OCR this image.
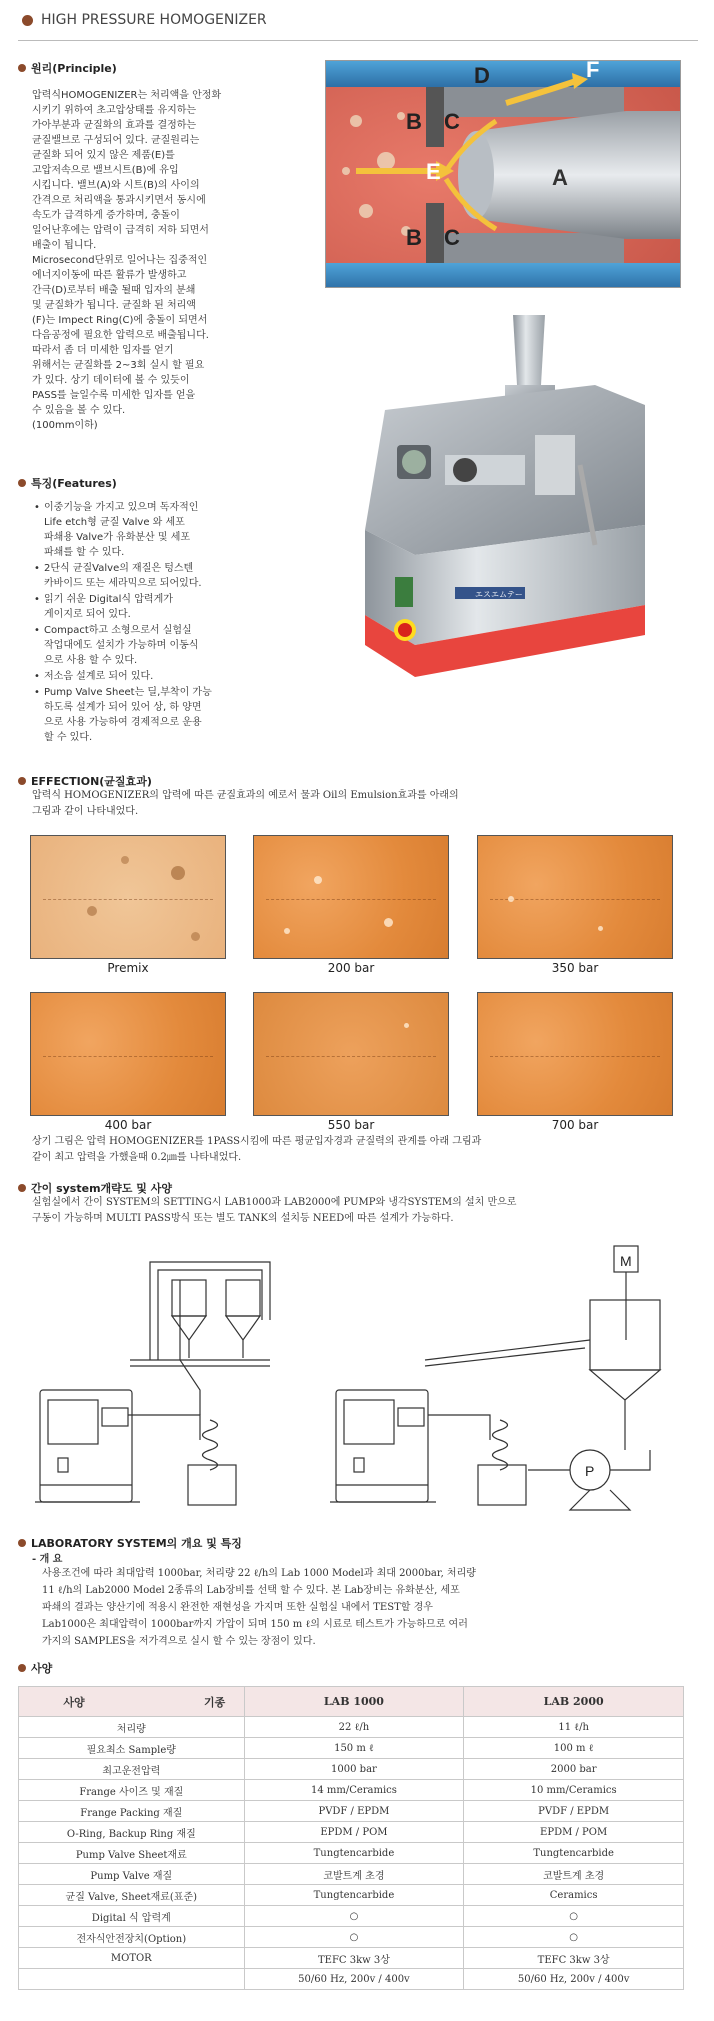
HIGH PRESSURE HOMOGENIZER
원리(Principle)
압력식HOMOGENIZER는 처리액을 안정화
시키기 위하여 초고압상태를 유지하는
가아부분과 균질화의 효과를 결정하는
균질밸브로 구성되어 있다. 균질원리는
균질화 되어 있지 않은 제품(E)를
고압저속으로 밸브시트(B)에 유입
시킵니다. 밸브(A)와 시트(B)의 사이의
간격으로 처리액을 통과시키면서 동시에
속도가 급격하게 증가하며, 충돌이
일어난후에는 압력이 급격히 저하 되면서
배출이 됩니다.
Microsecond단위로 일어나는 집중적인
에너지이동에 따른 활류가 발생하고
간극(D)로부터 배출 될때 입자의 분쇄
및 균질화가 됩니다. 균질화 된 처리액
(F)는 Impect Ring(C)에 충돌이 되면서
다음공정에 필요한 압력으로 배출됩니다.
따라서 좀 더 미세한 입자를 얻기
위해서는 균질화를 2~3회 실시 할 필요
가 있다. 상기 데이터에 볼 수 있듯이
PASS를 늘일수록 미세한 입자를 얻을
수 있음을 볼 수 있다.
(100mm이하)
A
E
F
B
B
C
C
D
エスエムテー
특징(Features)
• 이중기능을 가지고 있으며 독자적인
Life etch형 균질 Valve 와 세포
파쇄용 Valve가 유화분산 및 세포
파쇄를 할 수 있다.
• 2단식 균질Valve의 재질은 텅스텐
카바이드 또는 세라믹으로 되어있다.
• 읽기 쉬운 Digital식 압력게가
게이지로 되어 있다.
• Compact하고 소형으로서 실험실
작업대에도 설치가 가능하며 이동식
으로 사용 할 수 있다.
• 저소음 설계로 되어 있다.
• Pump Valve Sheet는 딜,부착이 가능
하도록 설계가 되어 있어 상, 하 양면
으로 사용 가능하여 경제적으로 운용
할 수 있다.
EFFECTION(균질효과)
압력식 HOMOGENIZER의 압력에 따른 균질효과의 예로서 물과 Oil의 Emulsion효과를 아래의
그림과 같이 나타내었다.
Premix	200 bar	350 bar
400 bar	550 bar	700 bar
상기 그림은 압력 HOMOGENIZER를 1PASS시킴에 따른 평균입자경과 균질력의 관계를 아래 그림과
같이 최고 압력을 가했을때 0.2㎛를 나타내었다.
간이 system개략도 및 사양
실험실에서 간이 SYSTEM의 SETTING시 LAB1000과 LAB2000에 PUMP와 냉각SYSTEM의 설치 만으로
구동이 가능하며 MULTI PASS방식 또는 별도 TANK의 설치등 NEED에 따른 설계가 가능하다.
M
P
LABORATORY SYSTEM의 개요 및 특징
- 개 요
사용조건에 따라 최대압력 1000bar, 처리량 22 ℓ/h의 Lab 1000 Model과 최대 2000bar, 처리량
11 ℓ/h의 Lab2000 Model 2종류의 Lab장비를 선택 할 수 있다. 본 Lab장비는 유화분산, 세포
파쇄의 결과는 양산기에 적용시 완전한 재현성을 가지며 또한 실험실 내에서 TEST할 경우
Lab1000은 최대압력이 1000bar까지 가압이 되며 150 m ℓ의 시료로 테스트가 가능하므로 여러
가지의 SAMPLES을 저가격으로 실시 할 수 있는 장점이 있다.
사양
사양 기종	LAB 1000	LAB 2000
처리량	22 ℓ/h	11 ℓ/h
필요최소 Sample량	150 m ℓ	100 m ℓ
최고운전압력	1000 bar	2000 bar
Frange 사이즈 및 재질	14 mm/Ceramics	10 mm/Ceramics
Frange Packing 재질	PVDF / EPDM	PVDF / EPDM
O-Ring, Backup Ring 재질	EPDM / POM	EPDM / POM
Pump Valve Sheet재료	Tungtencarbide	Tungtencarbide
Pump Valve 재질	코발트계 초경	코발트계 초경
균질 Valve, Sheet재료(표준)	Tungtencarbide	Ceramics
Digital 식 압력계	○	○
전자식안전장치(Option)	○	○
MOTOR	TEFC 3kw 3상	TEFC 3kw 3상
	50/60 Hz, 200v / 400v	50/60 Hz, 200v / 400v
